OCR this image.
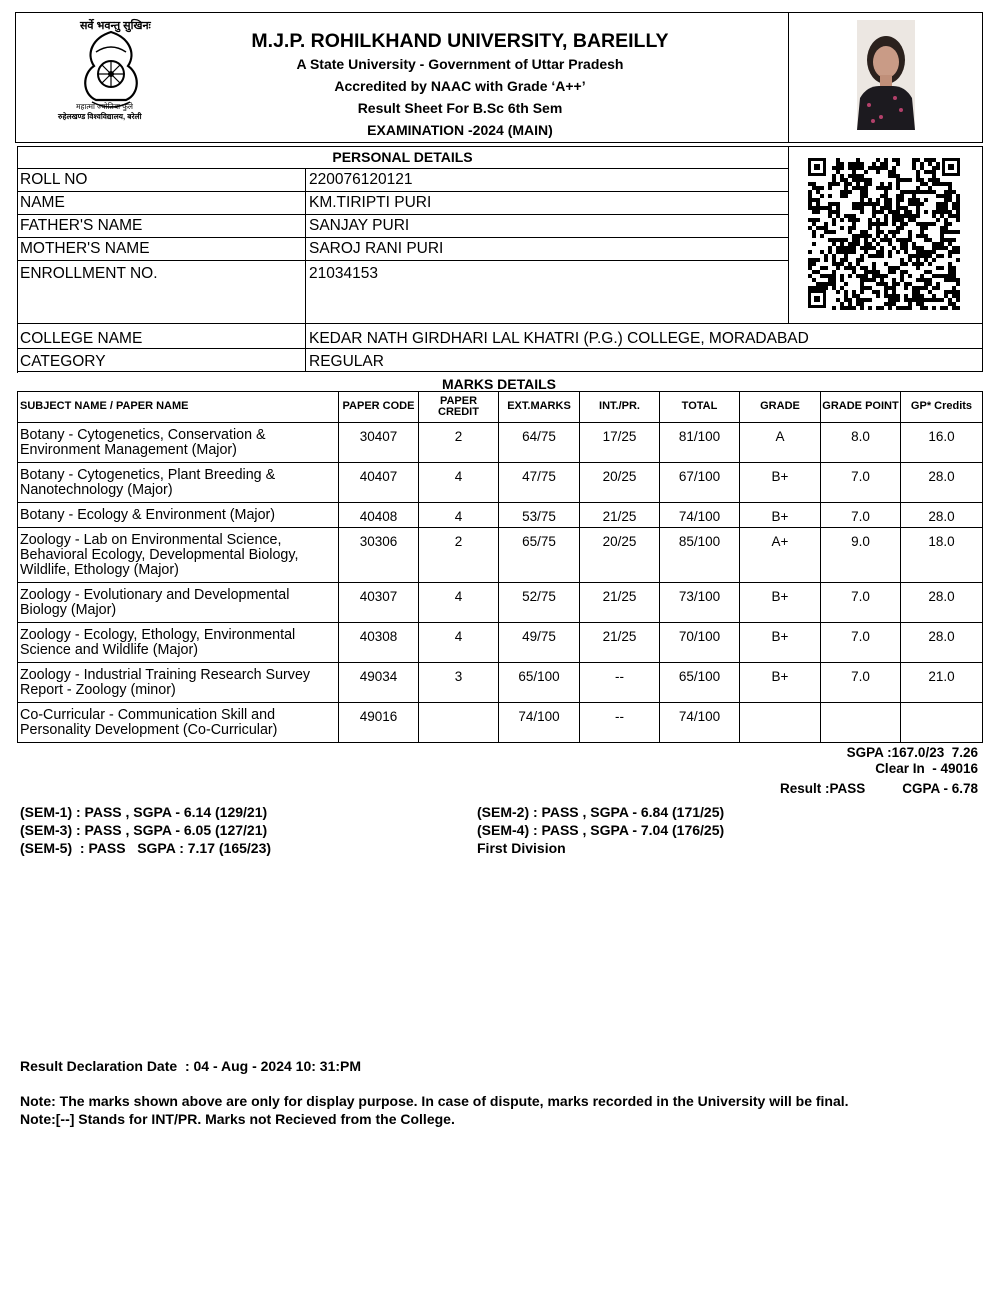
सर्वे भवन्तु सुखिनः
महात्मा ज्योतिबा फुले
रुहेलखण्ड विश्वविद्यालय, बरेली
M.J.P. ROHILKHAND UNIVERSITY, BAREILLY
A State University - Government of Uttar Pradesh
Accredited by NAAC with Grade ‘A++’
Result Sheet For B.Sc 6th Sem
EXAMINATION -2024 (MAIN)
PERSONAL DETAILS
ROLL NO	220076120121
NAME	KM.TIRIPTI PURI
FATHER'S NAME	SANJAY PURI
MOTHER'S NAME	SAROJ RANI PURI
ENROLLMENT NO.	21034153
COLLEGE NAME	KEDAR NATH GIRDHARI LAL KHATRI (P.G.) COLLEGE, MORADABAD
CATEGORY	REGULAR
MARKS DETAILS
SUBJECT NAME / PAPER NAME	PAPER CODE	PAPER CREDIT	EXT.MARKS	INT./PR.	TOTAL	GRADE	GRADE POINT	GP* Credits
Botany - Cytogenetics, Conservation & Environment Management (Major)	30407	2	64/75	17/25	81/100	A	8.0	16.0
Botany - Cytogenetics, Plant Breeding & Nanotechnology (Major)	40407	4	47/75	20/25	67/100	B+	7.0	28.0
Botany - Ecology & Environment (Major)	40408	4	53/75	21/25	74/100	B+	7.0	28.0
Zoology - Lab on Environmental Science, Behavioral Ecology, Developmental Biology, Wildlife, Ethology (Major)	30306	2	65/75	20/25	85/100	A+	9.0	18.0
Zoology - Evolutionary and Developmental Biology (Major)	40307	4	52/75	21/25	73/100	B+	7.0	28.0
Zoology - Ecology, Ethology, Environmental Science and Wildlife (Major)	40308	4	49/75	21/25	70/100	B+	7.0	28.0
Zoology - Industrial Training Research Survey Report - Zoology (minor)	49034	3	65/100	--	65/100	B+	7.0	21.0
Co-Curricular - Communication Skill and Personality Development (Co-Curricular)	49016		74/100	--	74/100			
SGPA :167.0/23  7.26
Clear In  - 49016
Result :PASS	CGPA - 6.78
(SEM-1) : PASS , SGPA - 6.14 (129/21)
(SEM-3) : PASS , SGPA - 6.05 (127/21)
(SEM-5)  : PASS   SGPA : 7.17 (165/23)
(SEM-2) : PASS , SGPA - 6.84 (171/25)
(SEM-4) : PASS , SGPA - 7.04 (176/25)
First Division
Result Declaration Date  : 04 - Aug - 2024 10: 31:PM
Note: The marks shown above are only for display purpose. In case of dispute, marks recorded in the University will be final.
Note:[--] Stands for INT/PR. Marks not Recieved from the College.
